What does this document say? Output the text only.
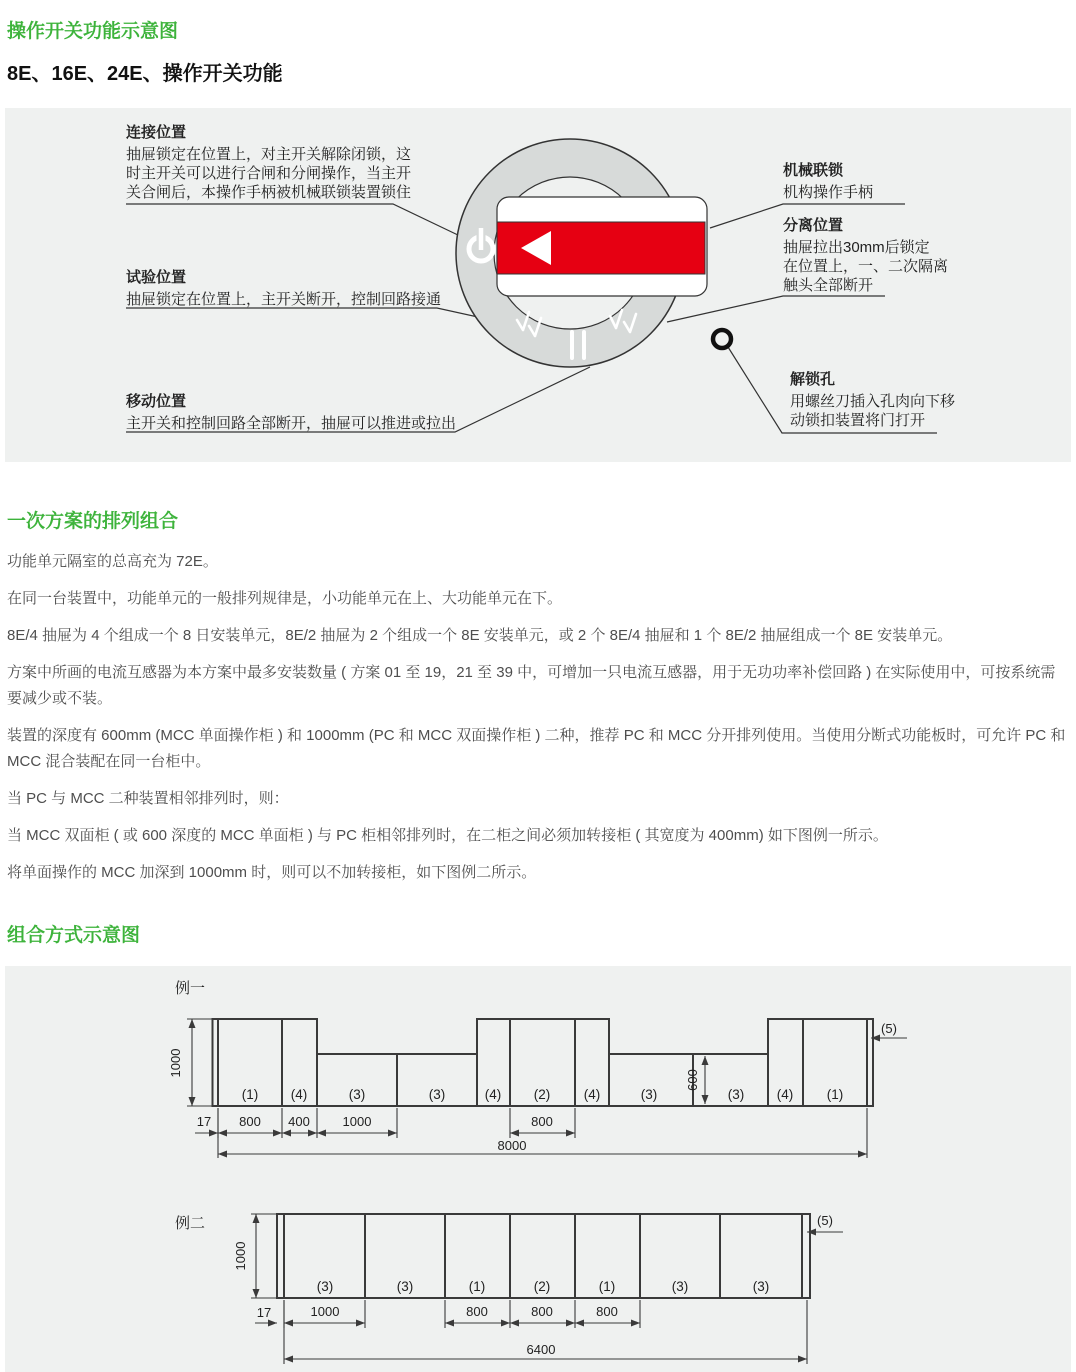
操作开关功能示意图
8E、16E、24E、操作开关功能
连接位置
抽屉锁定在位置上，对主开关解除闭锁，这
时主开关可以进行合闸和分闸操作，当主开
关合闸后，本操作手柄被机械联锁装置锁住
试验位置
抽屉锁定在位置上，主开关断开，控制回路接通
移动位置
主开关和控制回路全部断开，抽屉可以推进或拉出
机械联锁
机构操作手柄
分离位置
抽屉拉出30mm后锁定
在位置上，一、二次隔离
触头全部断开
解锁孔
用螺丝刀插入孔肉向下移
动锁扣装置将门打开
一次方案的排列组合

功能单元隔室的总高充为 72E。

在同一台装置中，功能单元的一般排列规律是，小功能单元在上、大功能单元在下。

8E/4 抽屉为 4 个组成一个 8 日安装单元，8E/2 抽屉为 2 个组成一个 8E 安装单元，或 2 个 8E/4 抽屉和 1 个 8E/2 抽屉组成一个 8E 安装单元。

方案中所画的电流互感器为本方案中最多安装数量 ( 方案 01 至 19，21 至 39 中，可增加一只电流互感器，用于无功功率补偿回路 ) 在实际使用中，可按系统需要减少或不装。

装置的深度有 600mm (MCC 单面操作柜 ) 和 1000mm (PC 和 MCC 双面操作柜 ) 二种，推荐 PC 和 MCC 分开排列使用。当使用分断式功能板时，可允许 PC 和 MCC 混合装配在同一台柜中。

当 PC 与 MCC 二种装置相邻排列时，则：

当 MCC 双面柜 ( 或 600 深度的 MCC 单面柜 ) 与 PC 柜相邻排列时，在二柜之间必须加转接柜 ( 其宽度为 400mm) 如下图例一所示。

将单面操作的 MCC 加深到 1000mm 时，则可以不加转接柜，如下图例二所示。

组合方式示意图
例一
(1) (4)	(3)	(3)	(4) (2) (4)	(3)	(3) (4) (1)
1000
600
17 800 400	1000	800
8000
(5)
例二
(3)	(3)	(1)	(2)	(1)	(3)	(3)
1000
17	1000	800	800	800
6400
(5)
